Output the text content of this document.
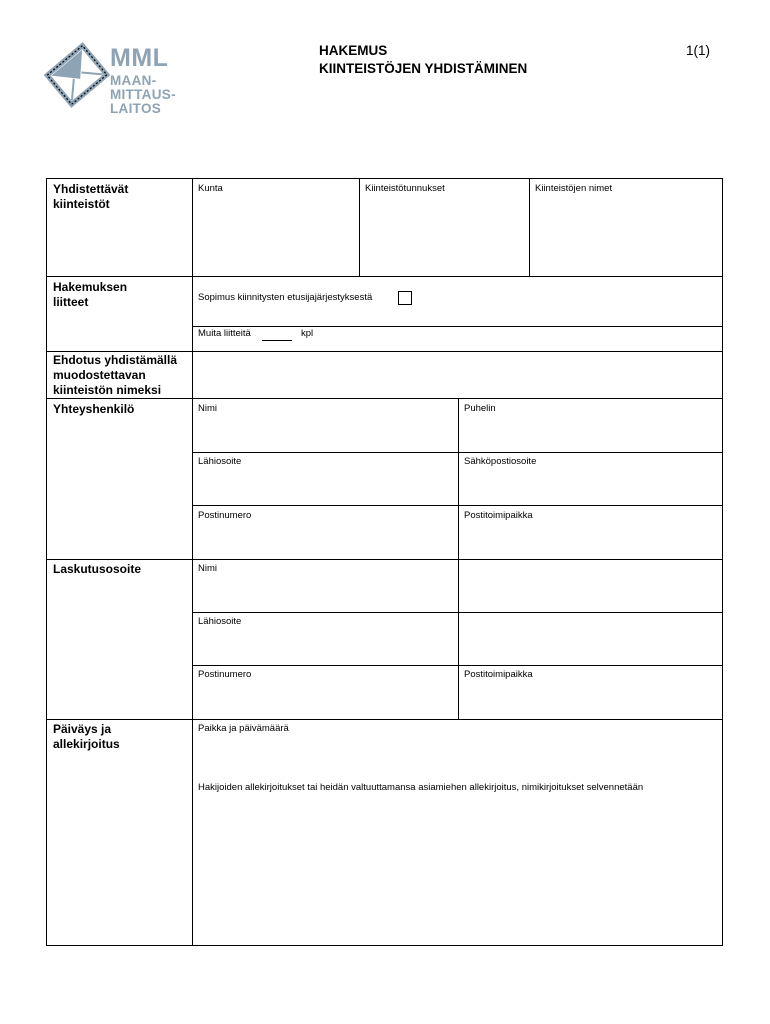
MML
MAAN-
MITTAUS-
LAITOS
HAKEMUS
KIINTEISTÖJEN YHDISTÄMINEN
1(1)
Yhdistettävät kiinteistöt
Kunta	Kiinteistötunnukset	Kiinteistöjen nimet
Hakemuksen liitteet	Sopimus kiinnitysten etusijajärjestyksestä
Muita liitteitä	kpl
Ehdotus yhdistämällä muodostettavan kiinteistön nimeksi
Yhteyshenkilö	Nimi	Puhelin
Lähiosoite	Sähköpostiosoite
Postinumero	Postitoimipaikka
Laskutusosoite	Nimi
Lähiosoite
Postinumero	Postitoimipaikka
Päiväys ja allekirjoitus
Paikka ja päivämäärä
Hakijoiden allekirjoitukset tai heidän valtuuttamansa asiamiehen allekirjoitus, nimikirjoitukset selvennetään
